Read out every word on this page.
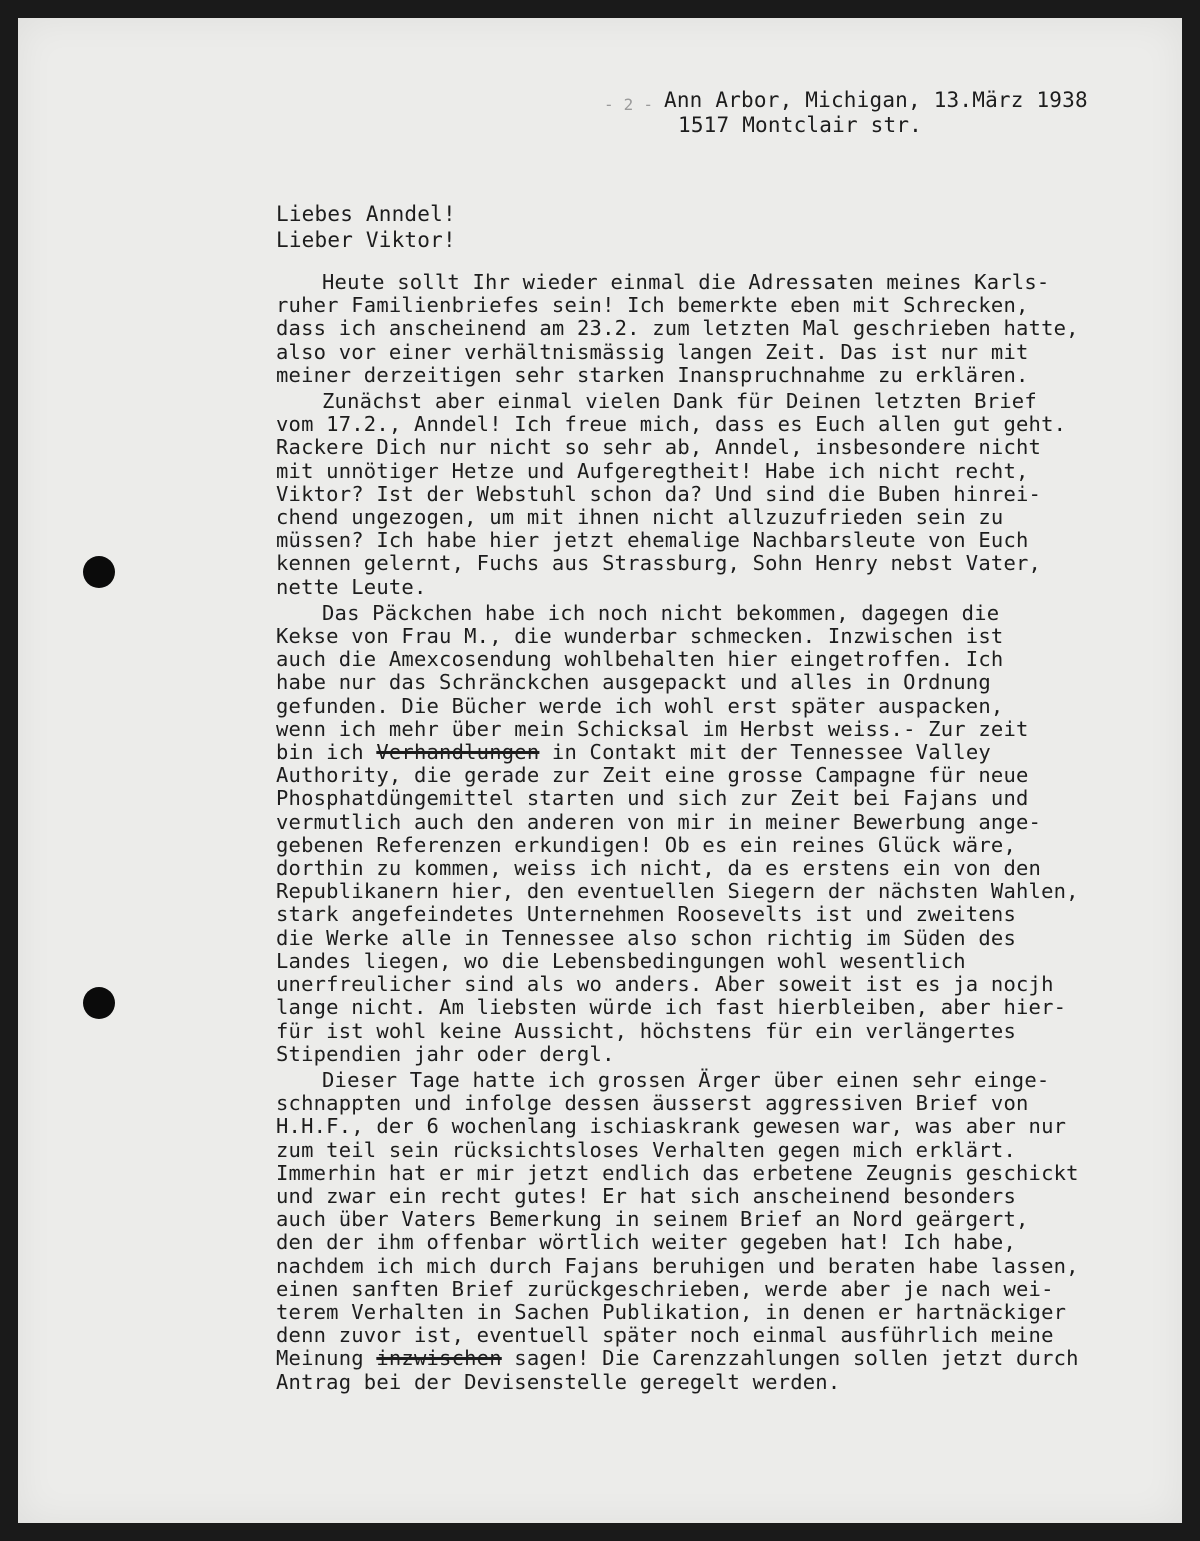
- 2 - Ann Arbor, Michigan, 13.März 1938
1517 Montclair str.
Liebes Anndel!
Lieber Viktor!

Heute sollt Ihr wieder einmal die Adressaten meines Karls-
ruher Familienbriefes sein! Ich bemerkte eben mit Schrecken,
dass ich anscheinend am 23.2. zum letzten Mal geschrieben hatte,
also vor einer verhältnismässig langen Zeit. Das ist nur mit
meiner derzeitigen sehr starken Inanspruchnahme zu erklären.

Zunächst aber einmal vielen Dank für Deinen letzten Brief
vom 17.2., Anndel! Ich freue mich, dass es Euch allen gut geht.
Rackere Dich nur nicht so sehr ab, Anndel, insbesondere nicht
mit unnötiger Hetze und Aufgeregtheit! Habe ich nicht recht,
Viktor? Ist der Webstuhl schon da? Und sind die Buben hinrei-
chend ungezogen, um mit ihnen nicht allzuzufrieden sein zu
müssen? Ich habe hier jetzt ehemalige Nachbarsleute von Euch
kennen gelernt, Fuchs aus Strassburg, Sohn Henry nebst Vater,
nette Leute.

Das Päckchen habe ich noch nicht bekommen, dagegen die
Kekse von Frau M., die wunderbar schmecken. Inzwischen ist
auch die Amexcosendung wohlbehalten hier eingetroffen. Ich
habe nur das Schränckchen ausgepackt und alles in Ordnung
gefunden. Die Bücher werde ich wohl erst später auspacken,
wenn ich mehr über mein Schicksal im Herbst weiss.- Zur zeit
bin ich Verhandlungen in Contakt mit der Tennessee Valley
Authority, die gerade zur Zeit eine grosse Campagne für neue
Phosphatdüngemittel starten und sich zur Zeit bei Fajans und
vermutlich auch den anderen von mir in meiner Bewerbung ange-
gebenen Referenzen erkundigen! Ob es ein reines Glück wäre,
dorthin zu kommen, weiss ich nicht, da es erstens ein von den
Republikanern hier, den eventuellen Siegern der nächsten Wahlen,
stark angefeindetes Unternehmen Roosevelts ist und zweitens
die Werke alle in Tennessee also schon richtig im Süden des
Landes liegen, wo die Lebensbedingungen wohl wesentlich
unerfreulicher sind als wo anders. Aber soweit ist es ja nocjh
lange nicht. Am liebsten würde ich fast hierbleiben, aber hier-
für ist wohl keine Aussicht, höchstens für ein verlängertes
Stipendien jahr oder dergl.

Dieser Tage hatte ich grossen Ärger über einen sehr einge-
schnappten und infolge dessen äusserst aggressiven Brief von
H.H.F., der 6 wochenlang ischiaskrank gewesen war, was aber nur
zum teil sein rücksichtsloses Verhalten gegen mich erklärt.
Immerhin hat er mir jetzt endlich das erbetene Zeugnis geschickt
und zwar ein recht gutes! Er hat sich anscheinend besonders
auch über Vaters Bemerkung in seinem Brief an Nord geärgert,
den der ihm offenbar wörtlich weiter gegeben hat! Ich habe,
nachdem ich mich durch Fajans beruhigen und beraten habe lassen,
einen sanften Brief zurückgeschrieben, werde aber je nach wei-
terem Verhalten in Sachen Publikation, in denen er hartnäckiger
denn zuvor ist, eventuell später noch einmal ausführlich meine
Meinung inzwischen sagen! Die Carenzzahlungen sollen jetzt durch
Antrag bei der Devisenstelle geregelt werden.
